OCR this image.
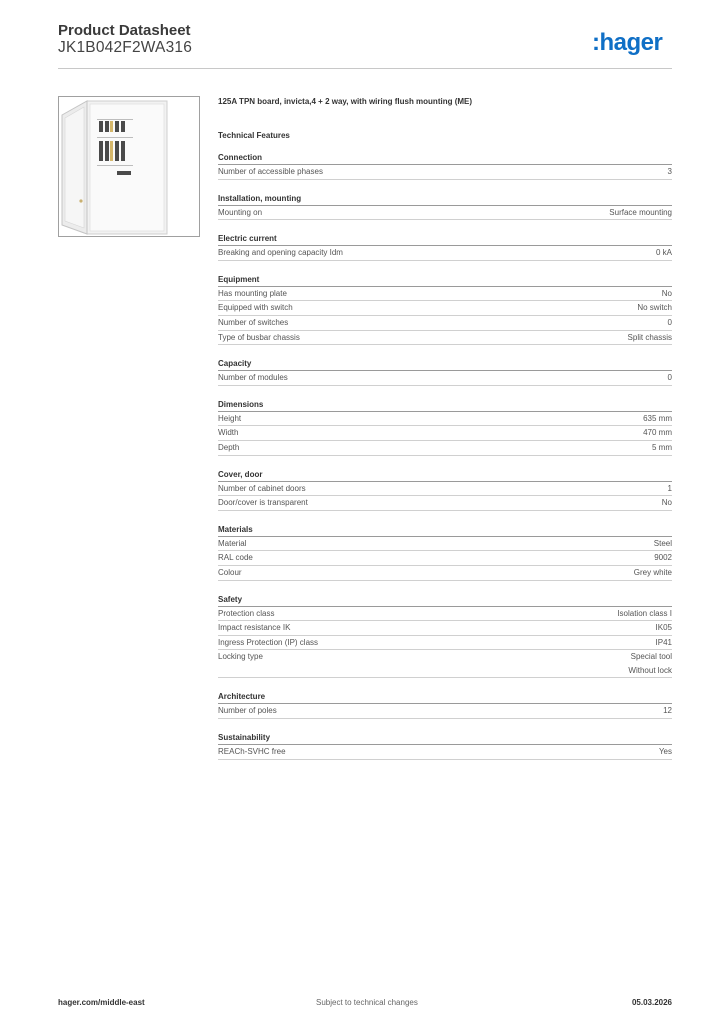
Product Datasheet
JK1B042F2WA316	:hager
125A TPN board, invicta,4 + 2 way, with wiring flush mounting (ME)
Technical Features
Connection
Number of accessible phases	3
Installation, mounting
Mounting on	Surface mounting
Electric current
Breaking and opening capacity Idm	0 kA
Equipment
Has mounting plate	No
Equipped with switch	No switch
Number of switches	0
Type of busbar chassis	Split chassis
Capacity
Number of modules	0
Dimensions
Height	635 mm
Width	470 mm
Depth	5 mm
Cover, door
Number of cabinet doors	1
Door/cover is transparent	No
Materials
Material	Steel
RAL code	9002
Colour	Grey white
Safety
Protection class	Isolation class I
Impact resistance IK	IK05
Ingress Protection (IP) class	IP41
Locking type	Special tool
Without lock
Architecture
Number of poles	12
Sustainability
REACh-SVHC free	Yes
hager.com/middle-east	Subject to technical changes	05.03.2026
